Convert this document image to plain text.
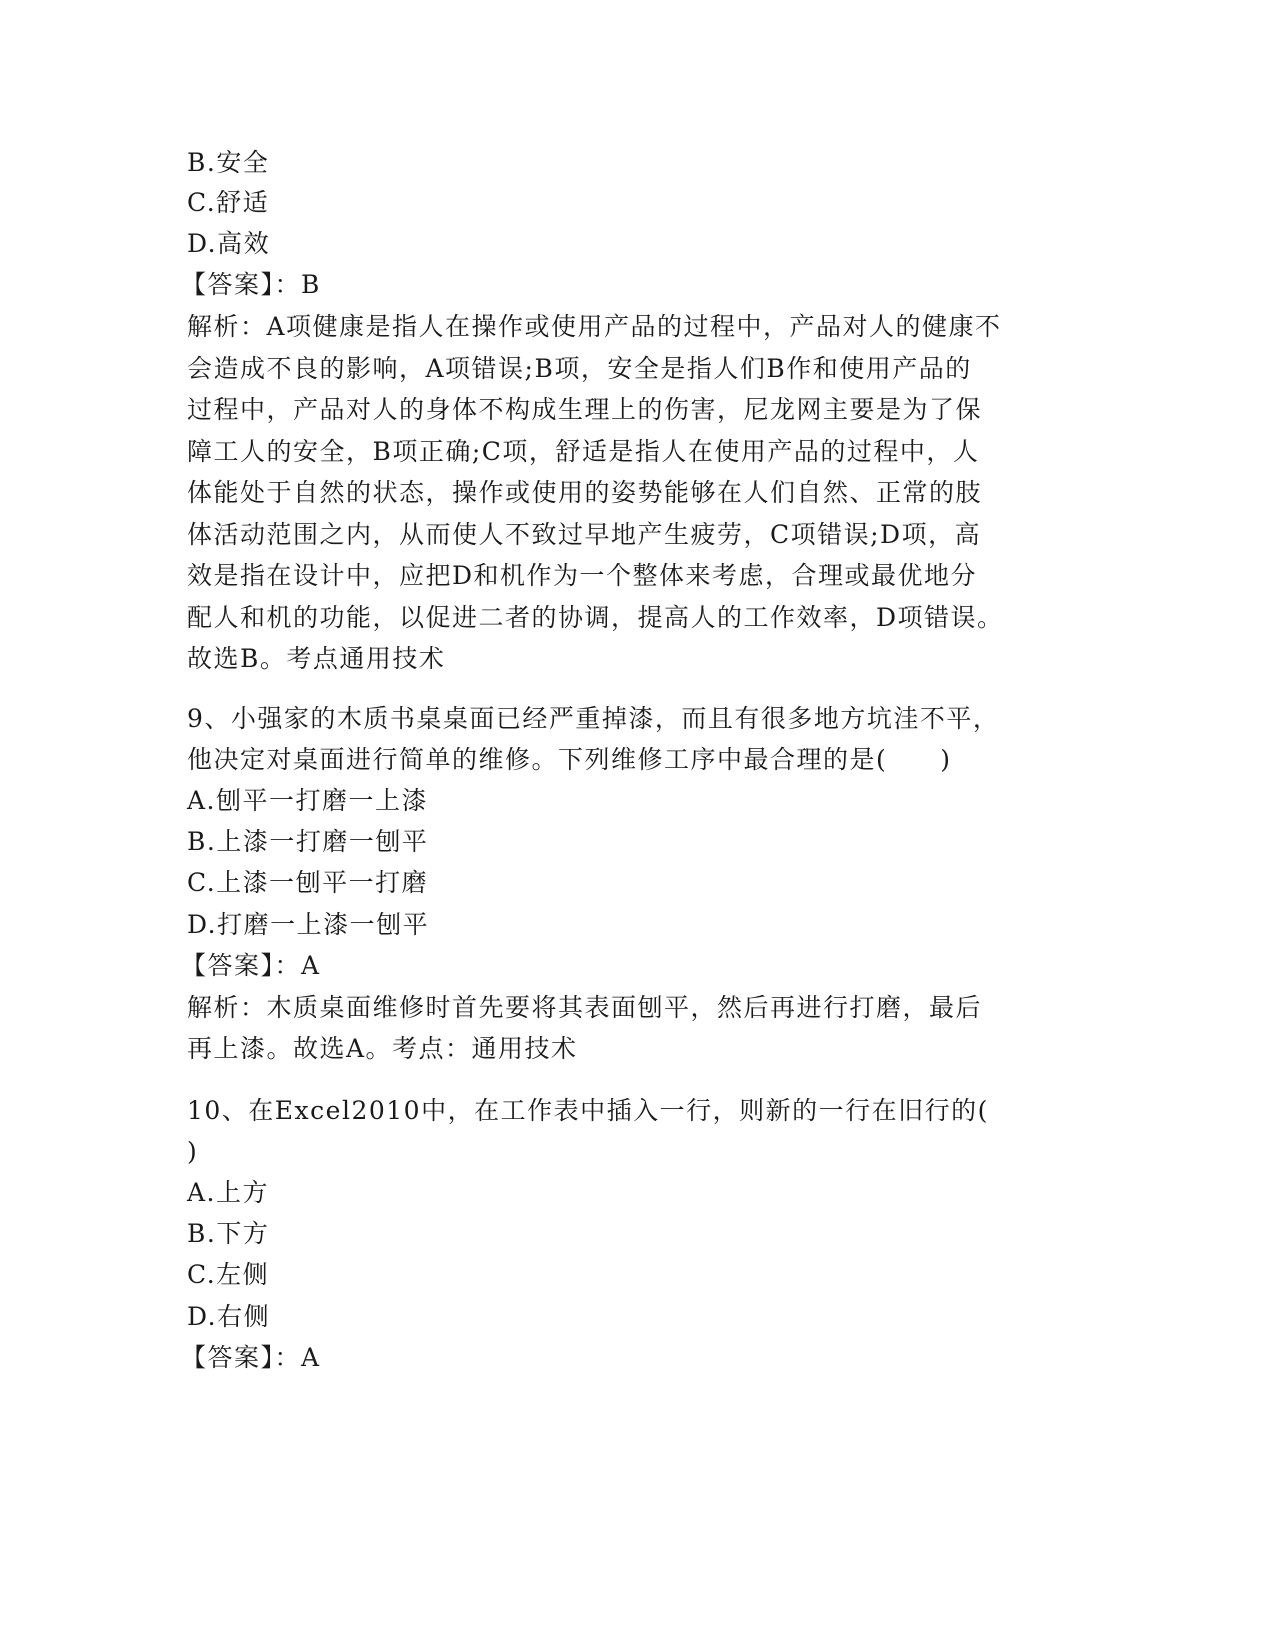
B.安全
C.舒适
D.高效
【答案】：B
解析：A项健康是指人在操作或使用产品的过程中，产品对人的健康不
会造成不良的影响，A项错误;B项，安全是指人们B作和使用产品的
过程中，产品对人的身体不构成生理上的伤害，尼龙网主要是为了保
障工人的安全，B项正确;C项，舒适是指人在使用产品的过程中，人
体能处于自然的状态，操作或使用的姿势能够在人们自然、正常的肢
体活动范围之内，从而使人不致过早地产生疲劳，C项错误;D项，高
效是指在设计中，应把D和机作为一个整体来考虑，合理或最优地分
配人和机的功能，以促进二者的协调，提高人的工作效率，D项错误。
故选B。考点通用技术
9、小强家的木质书桌桌面已经严重掉漆，而且有很多地方坑洼不平，
他决定对桌面进行简单的维修。下列维修工序中最合理的是(　　)
A.刨平一打磨一上漆
B.上漆一打磨一刨平
C.上漆一刨平一打磨
D.打磨一上漆一刨平
【答案】：A
解析：木质桌面维修时首先要将其表面刨平，然后再进行打磨，最后
再上漆。故选A。考点：通用技术
10、在Excel2010中，在工作表中插入一行，则新的一行在旧行的(
)
A.上方
B.下方
C.左侧
D.右侧
【答案】：A
